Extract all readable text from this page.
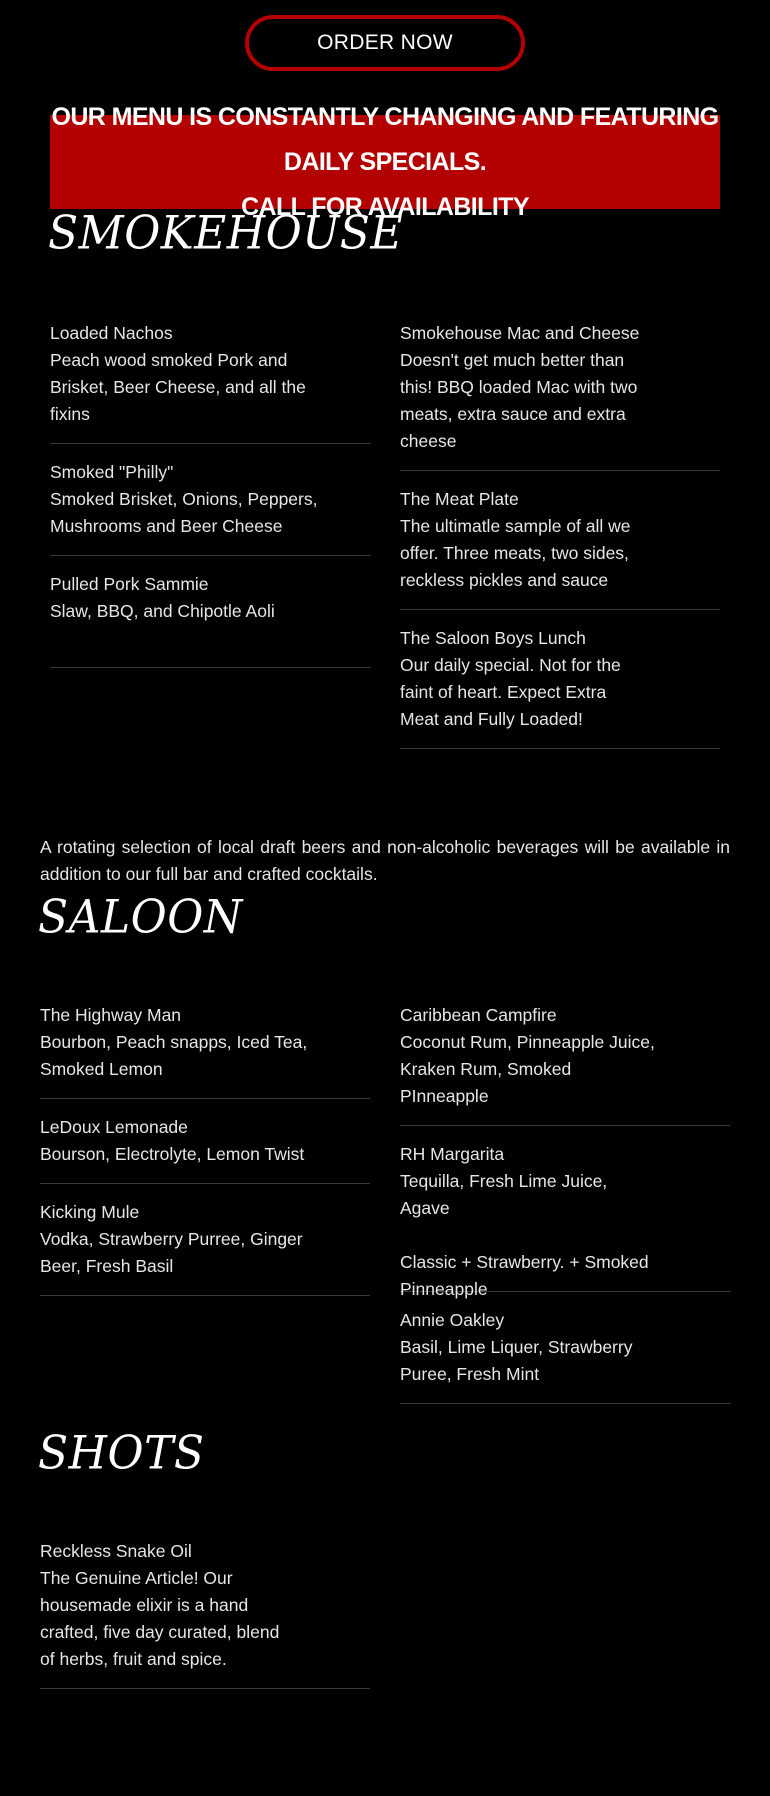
ORDER NOW
OUR MENU IS CONSTANTLY CHANGING AND FEATURING DAILY SPECIALS.
CALL FOR AVAILABILITY
SMOKEHOUSE
Loaded Nachos
Peach wood smoked Pork and Brisket, Beer Cheese, and all the fixins
Smoked "Philly"
Smoked Brisket, Onions, Peppers, Mushrooms and Beer Cheese
Pulled Pork Sammie
Slaw, BBQ, and Chipotle Aoli
Smokehouse Mac and Cheese
Doesn't get much better than this! BBQ loaded Mac with two meats, extra sauce and extra cheese
The Meat Plate
The ultimatle sample of all we offer. Three meats, two sides, reckless pickles and sauce
The Saloon Boys Lunch
Our daily special. Not for the faint of heart. Expect Extra Meat and Fully Loaded!
A rotating selection of local draft beers and non-alcoholic beverages will be available in addition to our full bar and crafted cocktails.
SALOON
The Highway Man
Bourbon, Peach snapps, Iced Tea, Smoked Lemon
LeDoux Lemonade
Bourson, Electrolyte, Lemon Twist
Kicking Mule
Vodka, Strawberry Purree, Ginger Beer, Fresh Basil
Caribbean Campfire
Coconut Rum, Pinneapple Juice, Kraken Rum, Smoked PInneapple
RH Margarita
Tequilla, Fresh Lime Juice, Agave
Classic + Strawberry. + Smoked Pinneapple
Annie Oakley
Basil, Lime Liquer, Strawberry Puree, Fresh Mint
SHOTS
Reckless Snake Oil
The Genuine Article! Our housemade elixir is a hand crafted, five day curated, blend of herbs, fruit and spice.
